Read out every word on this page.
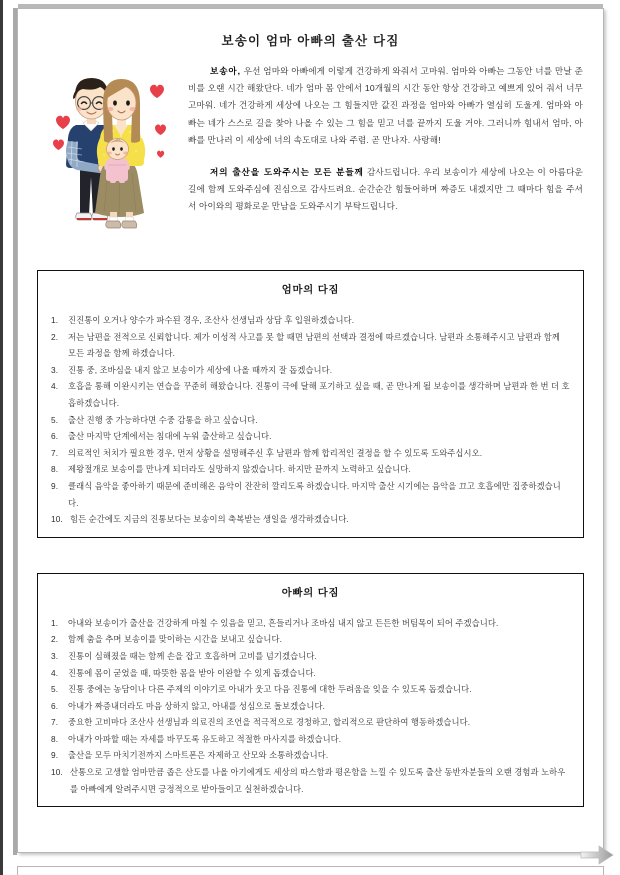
보송이 엄마 아빠의 출산 다짐

보송아, 우선 엄마와 아빠에게 이렇게 건강하게 와줘서 고마워. 엄마와 아빠는 그동안 너를 만날 준비를 오랜 시간 해왔단다. 네가 엄마 몸 안에서 10개월의 시간 동안 항상 건강하고 예쁘게 있어 줘서 너무 고마워. 네가 건강하게 세상에 나오는 그 힘들지만 값진 과정을 엄마와 아빠가 열심히 도울게. 엄마와 아빠는 네가 스스로 길을 찾아 나올 수 있는 그 힘을 믿고 너를 끝까지 도울 거야. 그러니까 힘내서 엄마, 아빠를 만나러 이 세상에 너의 속도대로 나와 주렴. 곧 만나자. 사랑해!

저의 출산을 도와주시는 모든 분들께 감사드립니다. 우리 보송이가 세상에 나오는 이 아름다운 길에 함께 도와주심에 진심으로 감사드려요. 순간순간 힘들어하며 짜증도 내겠지만 그 때마다 힘을 주셔서 아이와의 평화로운 만남을 도와주시기 부탁드립니다.

엄마의 다짐
1.	진진통이 오거나 양수가 파수된 경우, 조산사 선생님과 상담 후 입원하겠습니다.
2.	저는 남편을 전적으로 신뢰합니다. 제가 이성적 사고를 못 할 때면 남편의 선택과 결정에 따르겠습니다. 남편과 소통해주시고 남편과 함께 모든 과정을 함께 하겠습니다.
3.	진통 중, 조바심을 내지 않고 보송이가 세상에 나올 때까지 잘 돕겠습니다.
4.	호흡을 통해 이완시키는 연습을 꾸준히 해왔습니다. 진통이 극에 달해 포기하고 싶을 때, 곧 만나게 될 보송이를 생각하며 남편과 한 번 더 호흡하겠습니다.
5.	출산 진행 중 가능하다면 수중 감통을 하고 싶습니다.
6.	출산 마지막 단계에서는 침대에 누워 출산하고 싶습니다.
7.	의료적인 처치가 필요한 경우, 먼저 상황을 설명해주신 후 남편과 함께 합리적인 결정을 할 수 있도록 도와주십시오.
8.	제왕절개로 보송이를 만나게 되더라도 실망하지 않겠습니다. 하지만 끝까지 노력하고 싶습니다.
9.	클래식 음악을 좋아하기 때문에 준비해온 음악이 잔잔히 깔리도록 하겠습니다. 마지막 출산 시기에는 음악을 끄고 호흡에만 집중하겠습니다.
10. 힘든 순간에도 지금의 진통보다는 보송이의 축복받는 생일을 생각하겠습니다.
아빠의 다짐
1.	아내와 보송이가 출산을 건강하게 마칠 수 있음을 믿고, 흔들리거나 조바심 내지 않고 든든한 버팀목이 되어 주겠습니다.
2.	함께 춤을 추며 보송이를 맞이하는 시간을 보내고 싶습니다.
3.	진통이 심해졌을 때는 함께 손을 잡고 호흡하며 고비를 넘기겠습니다.
4.	진통에 몸이 굳었을 때, 따뜻한 몸을 받아 이완할 수 있게 돕겠습니다.
5.	진통 중에는 농담이나 다른 주제의 이야기로 아내가 웃고 다음 진통에 대한 두려움을 잊을 수 있도록 돕겠습니다.
6.	아내가 짜증내더라도 마음 상하지 않고, 아내를 성심으로 돌보겠습니다.
7.	중요한 고비마다 조산사 선생님과 의료진의 조언을 적극적으로 경청하고, 합리적으로 판단하여 행동하겠습니다.
8.	아내가 아파할 때는 자세를 바꾸도록 유도하고 적절한 마사지를 하겠습니다.
9.	출산을 모두 마치기전까지 스마트폰은 자제하고 산모와 소통하겠습니다.
10. 산통으로 고생할 엄마만큼 좁은 산도를 나올 아기에게도 세상의 따스함과 평온함을 느낄 수 있도록 출산 동반자분들의 오랜 경험과 노하우를 아빠에게 알려주시면 긍정적으로 받아들이고 실천하겠습니다.
